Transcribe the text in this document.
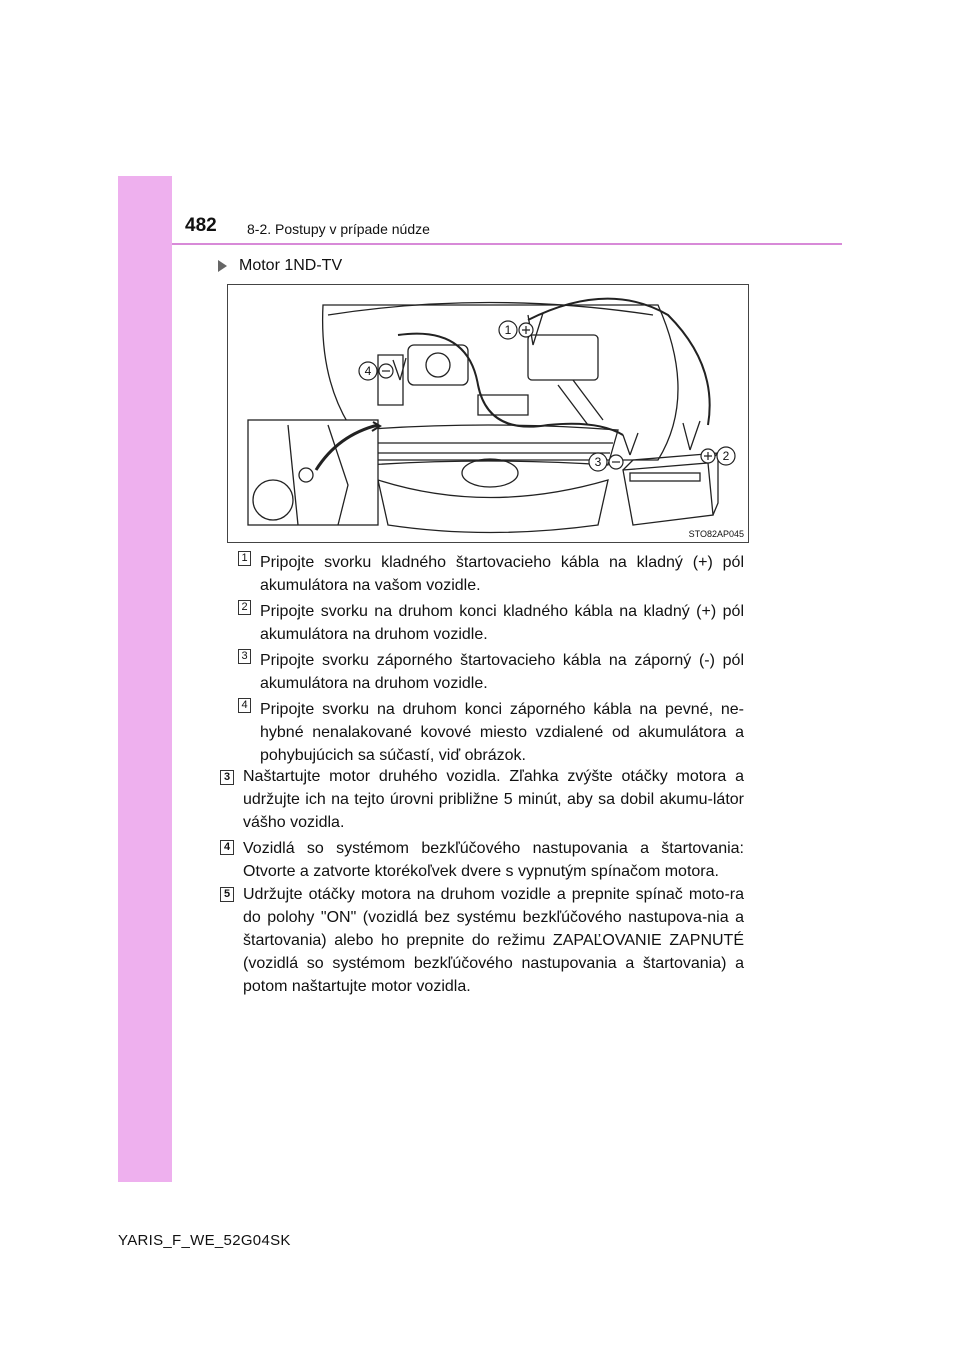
482 8-2. Postupy v prípade núdze
Motor 1ND-TV
1
2
3
4
STO82AP045
1 Pripojte svorku kladného štartovacieho kábla na kladný (+) pól akumulátora na vašom vozidle.
2 Pripojte svorku na druhom konci kladného kábla na kladný (+) pól akumulátora na druhom vozidle.
3 Pripojte svorku záporného štartovacieho kábla na záporný (-) pól akumulátora na druhom vozidle.
4 Pripojte svorku na druhom konci záporného kábla na pevné, ne-hybné nenalakované kovové miesto vzdialené od akumulátora a pohybujúcich sa súčastí, viď obrázok.
3 Naštartujte motor druhého vozidla. Zľahka zvýšte otáčky motora a udržujte ich na tejto úrovni približne 5 minút, aby sa dobil akumu-látor vášho vozidla.
4 Vozidlá so systémom bezkľúčového nastupovania a štartovania: Otvorte a zatvorte ktorékoľvek dvere s vypnutým spínačom motora.
5 Udržujte otáčky motora na druhom vozidle a prepnite spínač moto-ra do polohy "ON" (vozidlá bez systému bezkľúčového nastupova-nia a štartovania) alebo ho prepnite do režimu ZAPAĽOVANIE ZAPNUTÉ (vozidlá so systémom bezkľúčového nastupovania a štartovania) a potom naštartujte motor vozidla.
YARIS_F_WE_52G04SK
